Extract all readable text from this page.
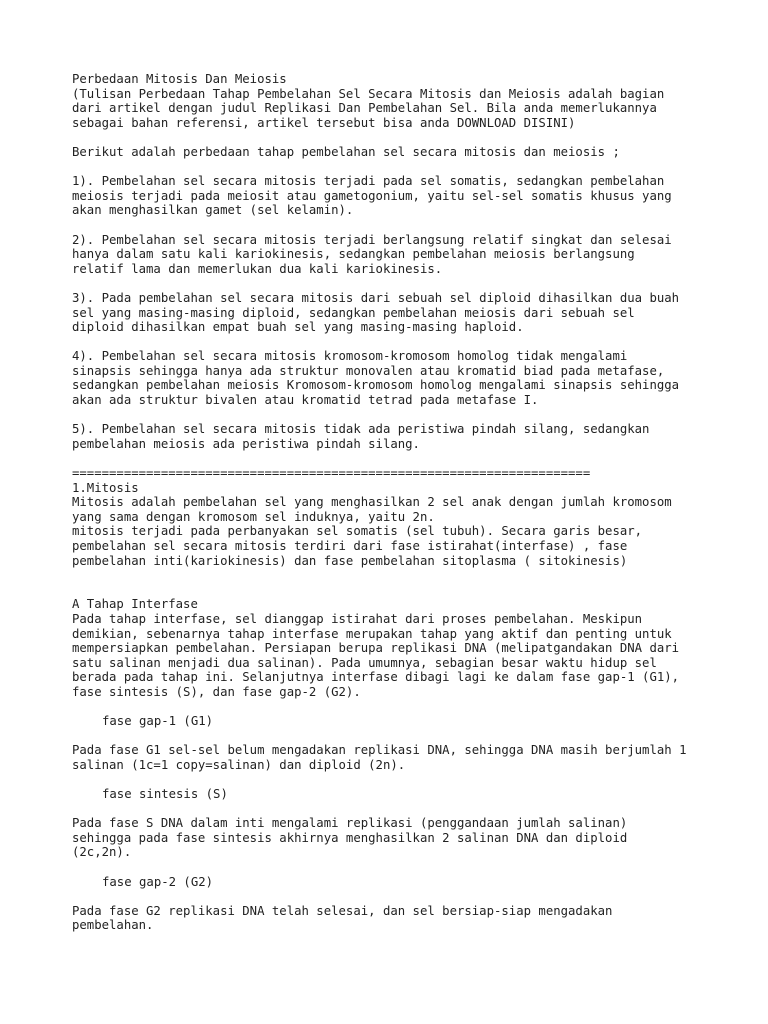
Perbedaan Mitosis Dan Meiosis
(Tulisan Perbedaan Tahap Pembelahan Sel Secara Mitosis dan Meiosis adalah bagian
dari artikel dengan judul Replikasi Dan Pembelahan Sel. Bila anda memerlukannya
sebagai bahan referensi, artikel tersebut bisa anda DOWNLOAD DISINI)
Berikut adalah perbedaan tahap pembelahan sel secara mitosis dan meiosis ;
1). Pembelahan sel secara mitosis terjadi pada sel somatis, sedangkan pembelahan
meiosis terjadi pada meiosit atau gametogonium, yaitu sel-sel somatis khusus yang
akan menghasilkan gamet (sel kelamin).
2). Pembelahan sel secara mitosis terjadi berlangsung relatif singkat dan selesai
hanya dalam satu kali kariokinesis, sedangkan pembelahan meiosis berlangsung
relatif lama dan memerlukan dua kali kariokinesis.
3). Pada pembelahan sel secara mitosis dari sebuah sel diploid dihasilkan dua buah
sel yang masing-masing diploid, sedangkan pembelahan meiosis dari sebuah sel
diploid dihasilkan empat buah sel yang masing-masing haploid.
4). Pembelahan sel secara mitosis kromosom-kromosom homolog tidak mengalami
sinapsis sehingga hanya ada struktur monovalen atau kromatid biad pada metafase,
sedangkan pembelahan meiosis Kromosom-kromosom homolog mengalami sinapsis sehingga
akan ada struktur bivalen atau kromatid tetrad pada metafase I.
5). Pembelahan sel secara mitosis tidak ada peristiwa pindah silang, sedangkan
pembelahan meiosis ada peristiwa pindah silang.
======================================================================
1.Mitosis
Mitosis adalah pembelahan sel yang menghasilkan 2 sel anak dengan jumlah kromosom
yang sama dengan kromosom sel induknya, yaitu 2n.
mitosis terjadi pada perbanyakan sel somatis (sel tubuh). Secara garis besar,
pembelahan sel secara mitosis terdiri dari fase istirahat(interfase) , fase
pembelahan inti(kariokinesis) dan fase pembelahan sitoplasma ( sitokinesis)
A Tahap Interfase
Pada tahap interfase, sel dianggap istirahat dari proses pembelahan. Meskipun
demikian, sebenarnya tahap interfase merupakan tahap yang aktif dan penting untuk
mempersiapkan pembelahan. Persiapan berupa replikasi DNA (melipatgandakan DNA dari
satu salinan menjadi dua salinan). Pada umumnya, sebagian besar waktu hidup sel
berada pada tahap ini. Selanjutnya interfase dibagi lagi ke dalam fase gap-1 (G1),
fase sintesis (S), dan fase gap-2 (G2).
fase gap-1 (G1)
Pada fase G1 sel-sel belum mengadakan replikasi DNA, sehingga DNA masih berjumlah 1
salinan (1c=1 copy=salinan) dan diploid (2n).
fase sintesis (S)
Pada fase S DNA dalam inti mengalami replikasi (penggandaan jumlah salinan)
sehingga pada fase sintesis akhirnya menghasilkan 2 salinan DNA dan diploid
(2c,2n).
fase gap-2 (G2)
Pada fase G2 replikasi DNA telah selesai, dan sel bersiap-siap mengadakan
pembelahan.
